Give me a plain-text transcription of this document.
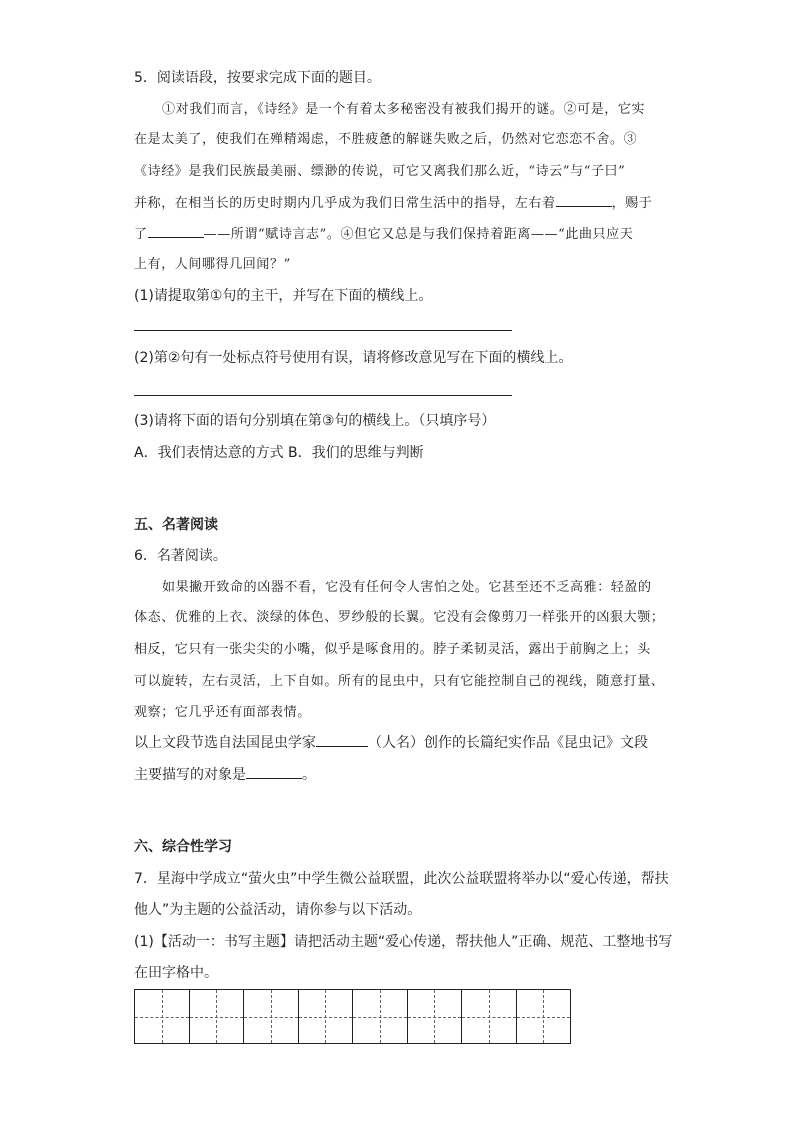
5．阅读语段，按要求完成下面的题目。
①对我们而言，《诗经》是一个有着太多秘密没有被我们揭开的谜。②可是，它实
在是太美了，使我们在殚精竭虑，不胜疲惫的解谜失败之后，仍然对它恋恋不舍。③
《诗经》是我们民族最美丽、缥渺的传说，可它又离我们那么近，“诗云”与“子曰”
并称，在相当长的历史时期内几乎成为我们日常生活中的指导，左右着	，赐于
了	——所谓“赋诗言志”。④但它又总是与我们保持着距离——“此曲只应天
上有，人间哪得几回闻？”
(1)请提取第①句的主干，并写在下面的横线上。
(2)第②句有一处标点符号使用有误，请将修改意见写在下面的横线上。
(3)请将下面的语句分别填在第③句的横线上。（只填序号）
A．我们表情达意的方式 B．我们的思维与判断
五、名著阅读
6．名著阅读。
如果撇开致命的凶器不看，它没有任何令人害怕之处。它甚至还不乏高雅：轻盈的
体态、优雅的上衣、淡绿的体色、罗纱般的长翼。它没有会像剪刀一样张开的凶狠大颚；
相反，它只有一张尖尖的小嘴，似乎是啄食用的。脖子柔韧灵活，露出于前胸之上；头
可以旋转，左右灵活，上下自如。所有的昆虫中，只有它能控制自己的视线，随意打量、
观察；它几乎还有面部表情。
以上文段节选自法国昆虫学家	（人名）创作的长篇纪实作品《昆虫记》文段
主要描写的对象是	。
六、综合性学习
7．星海中学成立“萤火虫”中学生微公益联盟，此次公益联盟将举办以“爱心传递，帮扶
他人”为主题的公益活动，请你参与以下活动。
(1)【活动一：书写主题】请把活动主题“爱心传递，帮扶他人”正确、规范、工整地书写
在田字格中。
